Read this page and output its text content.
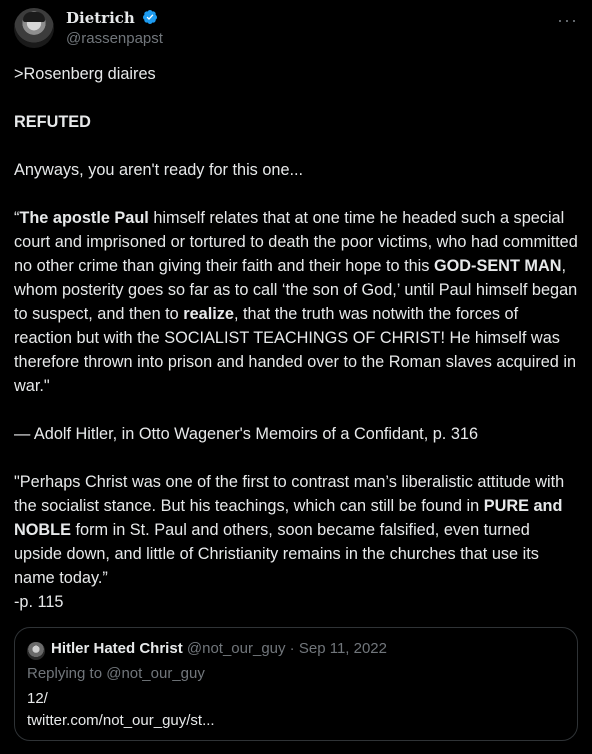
Dietrich
@rassenpapst
···

>Rosenberg diaires

REFUTED

Anyways, you aren't ready for this one...

“The apostle Paul himself relates that at one time he headed such a special court and imprisoned or tortured to death the poor victims, who had committed no other crime than giving their faith and their hope to this GOD-SENT MAN, whom posterity goes so far as to call ‘the son of God,’ until Paul himself began to suspect, and then to realize, that the truth was notwith the forces of reaction but with the SOCIALIST TEACHINGS OF CHRIST! He himself was therefore thrown into prison and handed over to the Roman slaves acquired in war."

— Adolf Hitler, in Otto Wagener's Memoirs of a Confidant, p. 316

"Perhaps Christ was one of the first to contrast man’s liberalistic attitude with the socialist stance. But his teachings, which can still be found in PURE and NOBLE form in St. Paul and others, soon became falsified, even turned upside down, and little of Christianity remains in the churches that use its name today.”

-p. 115

Hitler Hated Christ @not_our_guy · Sep 11, 2022
Replying to @not_our_guy
12/
twitter.com/not_our_guy/st...
